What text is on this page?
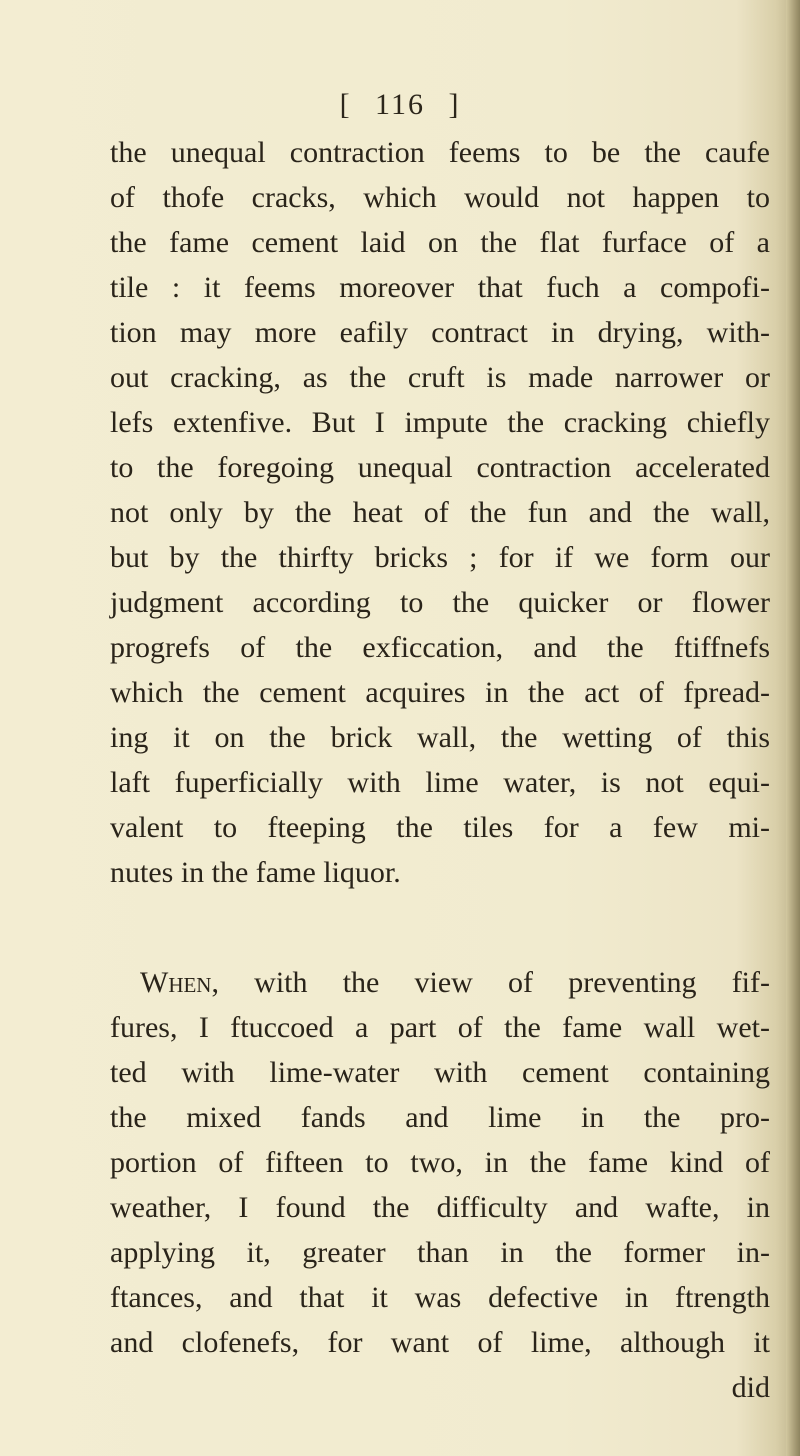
[ 116 ]
the unequal contraction feems to be the caufe
of thofe cracks, which would not happen to
the fame cement laid on the flat furface of a
tile : it feems moreover that fuch a compofi-
tion may more eafily contract in drying, with-
out cracking, as the cruft is made narrower or
lefs extenfive. But I impute the cracking chiefly
to the foregoing unequal contraction accelerated
not only by the heat of the fun and the wall,
but by the thirfty bricks ; for if we form our
judgment according to the quicker or flower
progrefs of the exficcation, and the ftiffnefs
which the cement acquires in the act of fpread-
ing it on the brick wall, the wetting of this
laft fuperficially with lime water, is not equi-
valent to fteeping the tiles for a few mi-
nutes in the fame liquor.
When, with the view of preventing fif-
fures, I ftuccoed a part of the fame wall wet-
ted with lime-water with cement containing
the mixed fands and lime in the pro-
portion of fifteen to two, in the fame kind of
weather, I found the difficulty and wafte, in
applying it, greater than in the former in-
ftances, and that it was defective in ftrength
and clofenefs, for want of lime, although it
did
